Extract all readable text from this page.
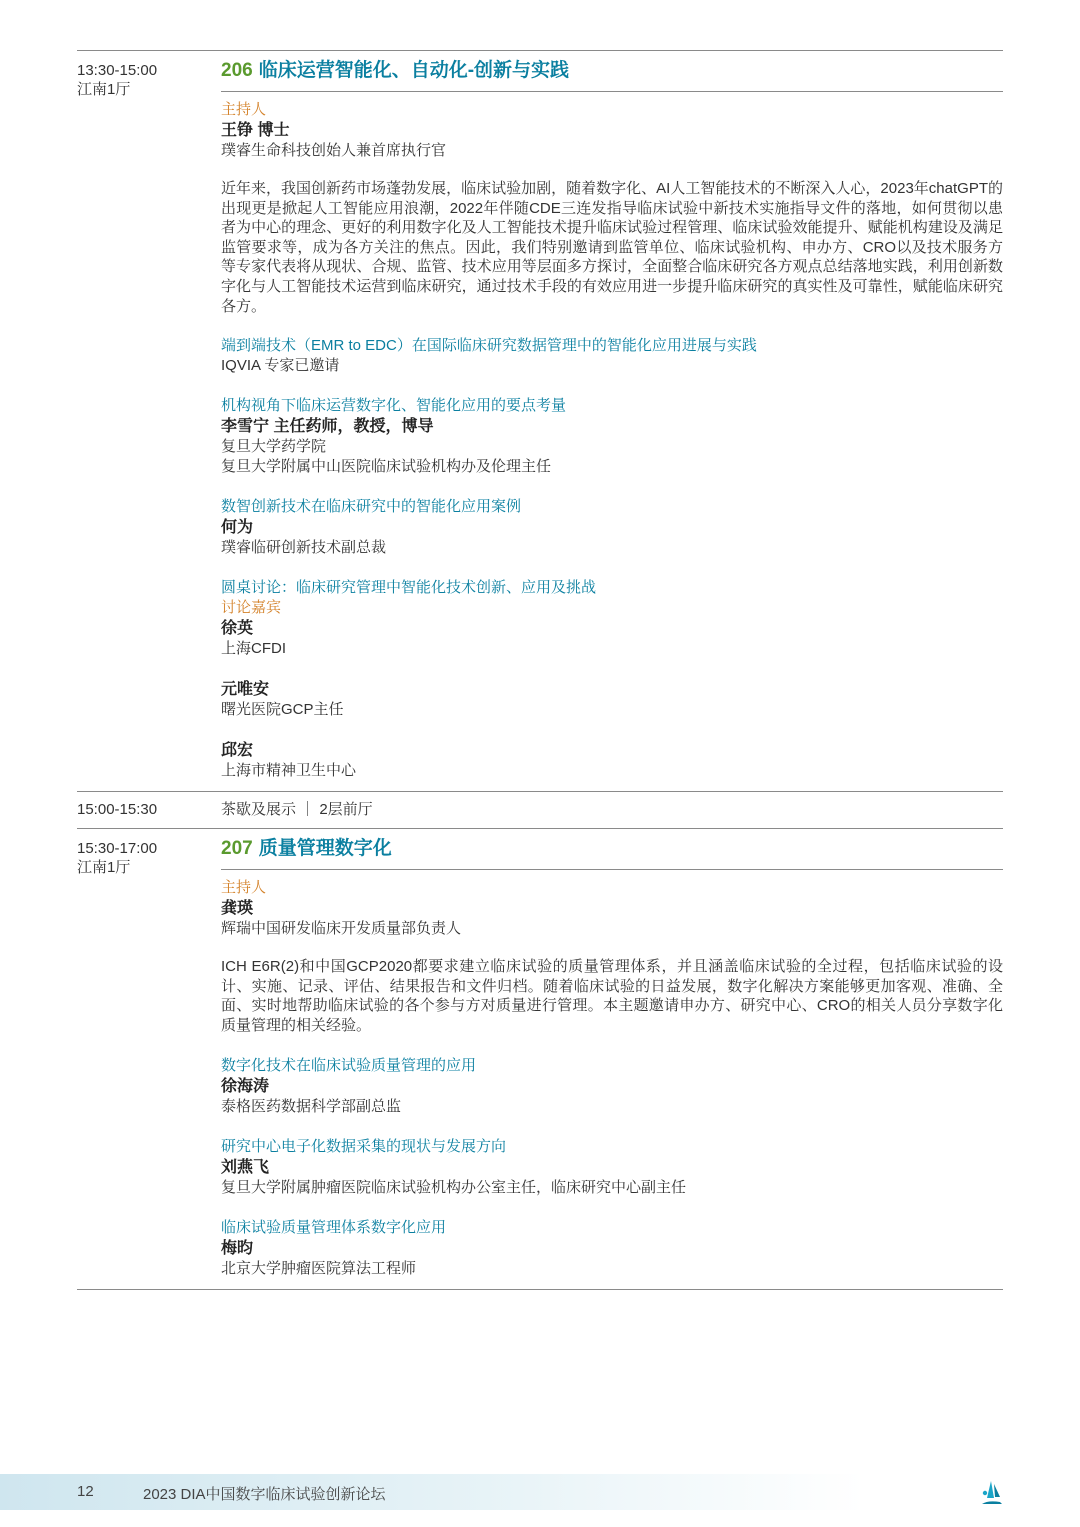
13:30-15:00
江南1厅
206 临床运营智能化、自动化-创新与实践
主持人
王铮 博士
璞睿生命科技创始人兼首席执行官
近年来，我国创新药市场蓬勃发展，临床试验加剧，随着数字化、AI人工智能技术的不断深入人心，2023年chatGPT的出现更是掀起人工智能应用浪潮，2022年伴随CDE三连发指导临床试验中新技术实施指导文件的落地，如何贯彻以患者为中心的理念、更好的利用数字化及人工智能技术提升临床试验过程管理、临床试验效能提升、赋能机构建设及满足监管要求等，成为各方关注的焦点。因此，我们特别邀请到监管单位、临床试验机构、申办方、CRO以及技术服务方等专家代表将从现状、合规、监管、技术应用等层面多方探讨，全面整合临床研究各方观点总结落地实践，利用创新数字化与人工智能技术运营到临床研究，通过技术手段的有效应用进一步提升临床研究的真实性及可靠性，赋能临床研究各方。
端到端技术（EMR to EDC）在国际临床研究数据管理中的智能化应用进展与实践
IQVIA 专家已邀请
机构视角下临床运营数字化、智能化应用的要点考量
李雪宁 主任药师，教授，博导
复旦大学药学院
复旦大学附属中山医院临床试验机构办及伦理主任
数智创新技术在临床研究中的智能化应用案例
何为
璞睿临研创新技术副总裁
圆桌讨论：临床研究管理中智能化技术创新、应用及挑战
讨论嘉宾
徐英
上海CFDI
元唯安
曙光医院GCP主任
邱宏
上海市精神卫生中心
15:00-15:30	茶歇及展示 ｜ 2层前厅
15:30-17:00
江南1厅
207 质量管理数字化
主持人
龚瑛
辉瑞中国研发临床开发质量部负责人
ICH E6R(2)和中国GCP2020都要求建立临床试验的质量管理体系，并且涵盖临床试验的全过程，包括临床试验的设计、实施、记录、评估、结果报告和文件归档。随着临床试验的日益发展，数字化解决方案能够更加客观、准确、全面、实时地帮助临床试验的各个参与方对质量进行管理。本主题邀请申办方、研究中心、CRO的相关人员分享数字化质量管理的相关经验。
数字化技术在临床试验质量管理的应用
徐海涛
泰格医药数据科学部副总监
研究中心电子化数据采集的现状与发展方向
刘燕飞
复旦大学附属肿瘤医院临床试验机构办公室主任，临床研究中心副主任
临床试验质量管理体系数字化应用
梅昀
北京大学肿瘤医院算法工程师
12	2023 DIA中国数字临床试验创新论坛
